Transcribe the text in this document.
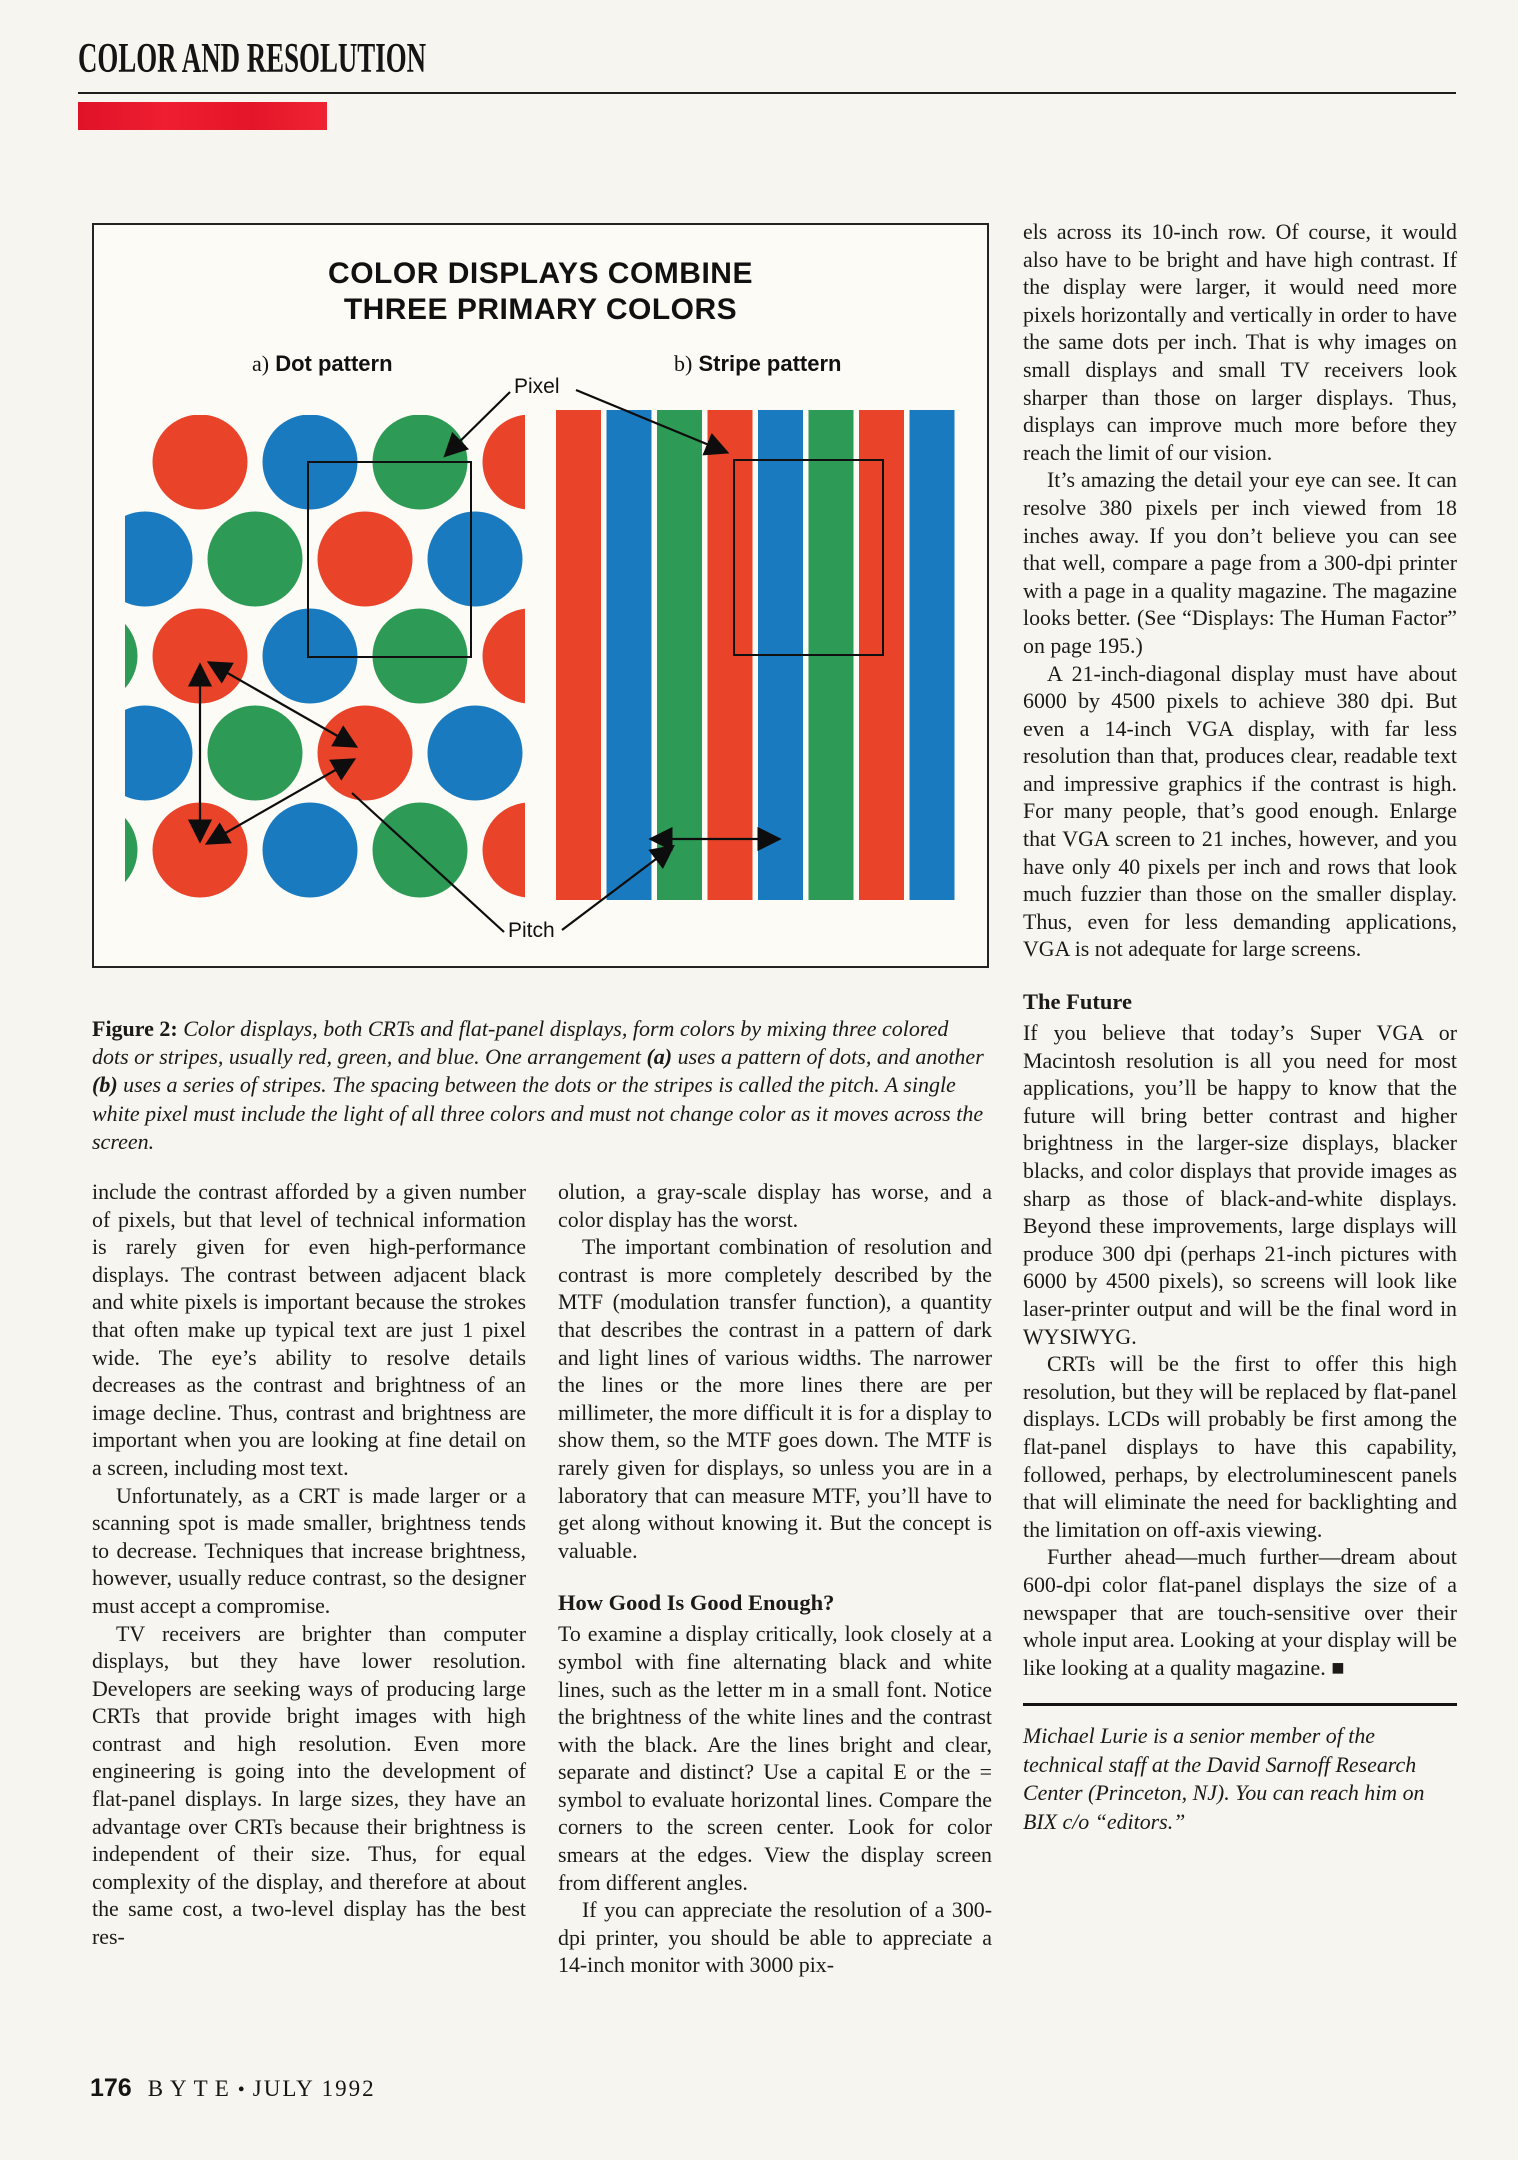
COLOR AND RESOLUTION
COLOR DISPLAYS COMBINE
THREE PRIMARY COLORS
a) Dot pattern	b) Stripe pattern
Pixel
Pitch

Figure 2: Color displays, both CRTs and flat-panel displays, form colors by mixing three colored dots or stripes, usually red, green, and blue. One arrangement (a) uses a pattern of dots, and another (b) uses a series of stripes. The spacing between the dots or the stripes is called the pitch. A single white pixel must include the light of all three colors and must not change color as it moves across the screen.

include the contrast afforded by a given number of pixels, but that level of technical information is rarely given for even high-performance displays. The contrast between adjacent black and white pixels is important because the strokes that often make up typical text are just 1 pixel wide. The eye’s ability to resolve details decreases as the contrast and brightness of an image decline. Thus, contrast and brightness are important when you are looking at fine detail on a screen, including most text.

Unfortunately, as a CRT is made larger or a scanning spot is made smaller, brightness tends to decrease. Techniques that increase brightness, however, usually reduce contrast, so the designer must accept a compromise.

TV receivers are brighter than computer displays, but they have lower resolution. Developers are seeking ways of producing large CRTs that provide bright images with high contrast and high resolution. Even more engineering is going into the development of flat-panel displays. In large sizes, they have an advantage over CRTs because their brightness is independent of their size. Thus, for equal complexity of the display, and therefore at about the same cost, a two-level display has the best res-

olution, a gray-scale display has worse, and a color display has the worst.

The important combination of resolution and contrast is more completely described by the MTF (modulation transfer function), a quantity that describes the contrast in a pattern of dark and light lines of various widths. The narrower the lines or the more lines there are per millimeter, the more difficult it is for a display to show them, so the MTF goes down. The MTF is rarely given for displays, so unless you are in a laboratory that can measure MTF, you’ll have to get along without knowing it. But the concept is valuable.

How Good Is Good Enough?

To examine a display critically, look closely at a symbol with fine alternating black and white lines, such as the letter m in a small font. Notice the brightness of the white lines and the contrast with the black. Are the lines bright and clear, separate and distinct? Use a capital E or the = symbol to evaluate horizontal lines. Compare the corners to the screen center. Look for color smears at the edges. View the display screen from different angles.

If you can appreciate the resolution of a 300-dpi printer, you should be able to appreciate a 14-inch monitor with 3000 pix-

els across its 10-inch row. Of course, it would also have to be bright and have high contrast. If the display were larger, it would need more pixels horizontally and vertically in order to have the same dots per inch. That is why images on small displays and small TV receivers look sharper than those on larger displays. Thus, displays can improve much more before they reach the limit of our vision.

It’s amazing the detail your eye can see. It can resolve 380 pixels per inch viewed from 18 inches away. If you don’t believe you can see that well, compare a page from a 300-dpi printer with a page in a quality magazine. The magazine looks better. (See “Displays: The Human Factor” on page 195.)

A 21-inch-diagonal display must have about 6000 by 4500 pixels to achieve 380 dpi. But even a 14-inch VGA display, with far less resolution than that, produces clear, readable text and impressive graphics if the contrast is high. For many people, that’s good enough. Enlarge that VGA screen to 21 inches, however, and you have only 40 pixels per inch and rows that look much fuzzier than those on the smaller display. Thus, even for less demanding applications, VGA is not adequate for large screens.

The Future

If you believe that today’s Super VGA or Macintosh resolution is all you need for most applications, you’ll be happy to know that the future will bring better contrast and higher brightness in the larger-size displays, blacker blacks, and color displays that provide images as sharp as those of black-and-white displays. Beyond these improvements, large displays will produce 300 dpi (perhaps 21-inch pictures with 6000 by 4500 pixels), so screens will look like laser-printer output and will be the final word in WYSIWYG.

CRTs will be the first to offer this high resolution, but they will be replaced by flat-panel displays. LCDs will probably be first among the flat-panel displays to have this capability, followed, perhaps, by electroluminescent panels that will eliminate the need for backlighting and the limitation on off-axis viewing.

Further ahead—much further—dream about 600-dpi color flat-panel displays the size of a newspaper that are touch-sensitive over their whole input area. Looking at your display will be like looking at a quality magazine. ■

Michael Lurie is a senior member of the technical staff at the David Sarnoff Research Center (Princeton, NJ). You can reach him on BIX c/o “editors.”

176 BYTE • JULY 1992
